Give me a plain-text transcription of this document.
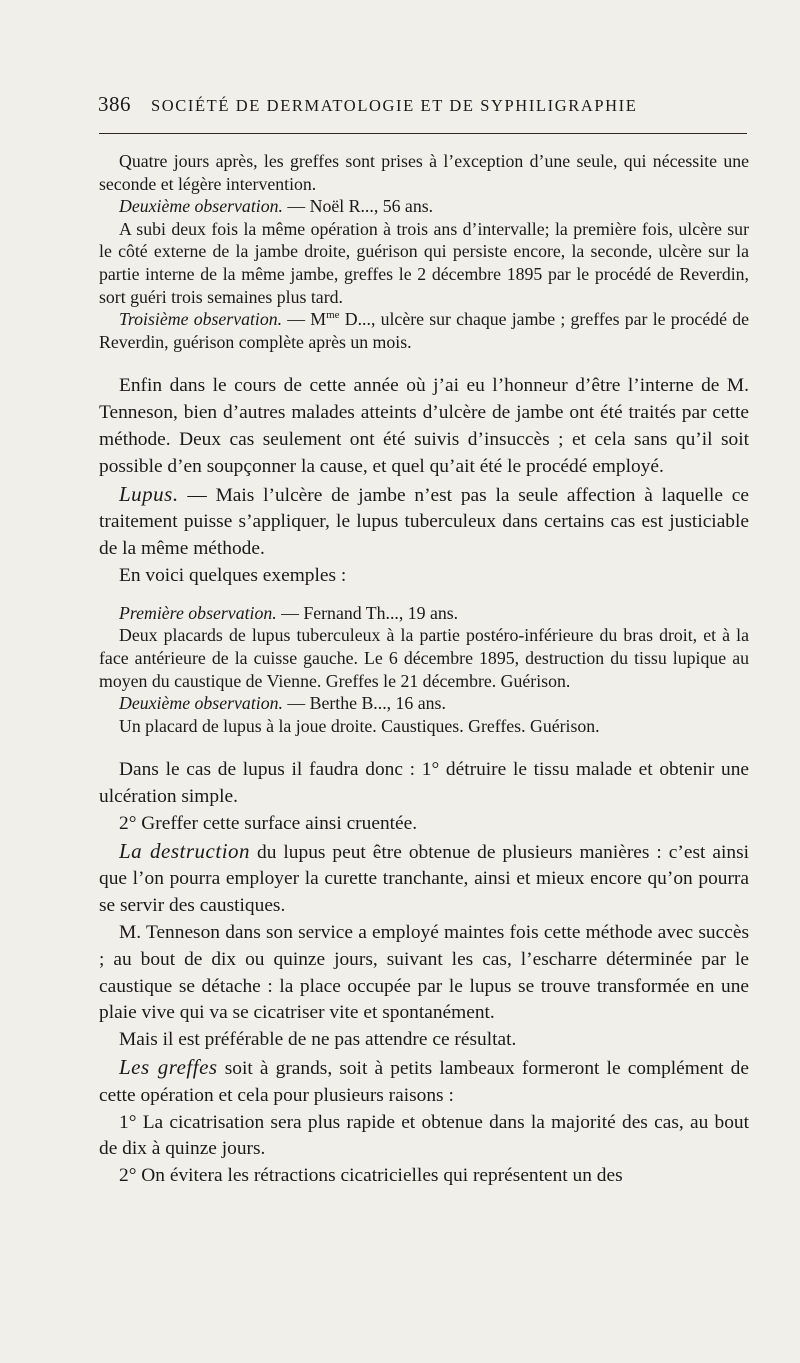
386 SOCIÉTÉ DE DERMATOLOGIE ET DE SYPHILIGRAPHIE

Quatre jours après, les greffes sont prises à l’exception d’une seule, qui nécessite une seconde et légère intervention.

Deuxième observation. — Noël R..., 56 ans.

A subi deux fois la même opération à trois ans d’intervalle; la première fois, ulcère sur le côté externe de la jambe droite, guérison qui persiste encore, la seconde, ulcère sur la partie interne de la même jambe, greffes le 2 décembre 1895 par le procédé de Reverdin, sort guéri trois semaines plus tard.

Troisième observation. — $M^{me}$ D..., ulcère sur chaque jambe ; greffes par le procédé de Reverdin, guérison complète après un mois.

Enfin dans le cours de cette année où j’ai eu l’honneur d’être l’interne de M. Tenneson, bien d’autres malades atteints d’ulcère de jambe ont été traités par cette méthode. Deux cas seulement ont été suivis d’insuccès ; et cela sans qu’il soit possible d’en soupçonner la cause, et quel qu’ait été le procédé employé.

Lupus. — Mais l’ulcère de jambe n’est pas la seule affection à laquelle ce traitement puisse s’appliquer, le lupus tuberculeux dans certains cas est justiciable de la même méthode.

En voici quelques exemples :

Première observation. — Fernand Th..., 19 ans.

Deux placards de lupus tuberculeux à la partie postéro-inférieure du bras droit, et à la face antérieure de la cuisse gauche. Le 6 décembre 1895, destruction du tissu lupique au moyen du caustique de Vienne. Greffes le 21 décembre. Guérison.

Deuxième observation. — Berthe B..., 16 ans.

Un placard de lupus à la joue droite. Caustiques. Greffes. Guérison.

Dans le cas de lupus il faudra donc : 1° détruire le tissu malade et obtenir une ulcération simple.

2° Greffer cette surface ainsi cruentée.

La destruction du lupus peut être obtenue de plusieurs manières : c’est ainsi que l’on pourra employer la curette tranchante, ainsi et mieux encore qu’on pourra se servir des caustiques.

M. Tenneson dans son service a employé maintes fois cette méthode avec succès ; au bout de dix ou quinze jours, suivant les cas, l’escharre déterminée par le caustique se détache : la place occupée par le lupus se trouve transformée en une plaie vive qui va se cicatriser vite et spontanément.

Mais il est préférable de ne pas attendre ce résultat.

Les greffes soit à grands, soit à petits lambeaux formeront le complément de cette opération et cela pour plusieurs raisons :

1° La cicatrisation sera plus rapide et obtenue dans la majorité des cas, au bout de dix à quinze jours.

2° On évitera les rétractions cicatricielles qui représentent un des
